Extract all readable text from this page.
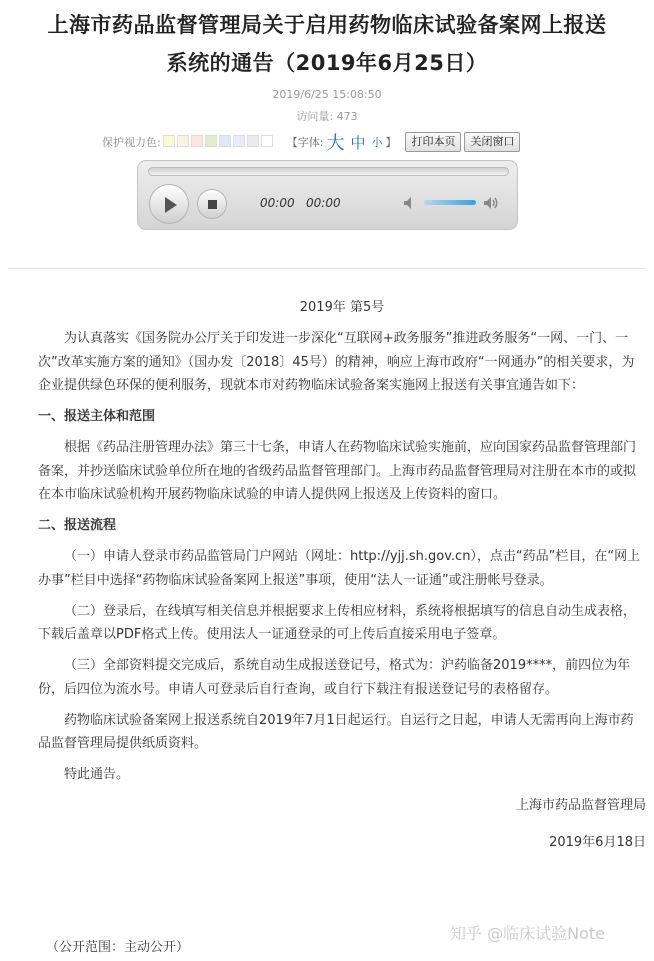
上海市药品监督管理局关于启用药物临床试验备案网上报送
系统的通告（2019年6月25日）
2019/6/25 15:08:50
访问量: 473
保护视力色:	【字体: 大 中 小 】	打印本页	关闭窗口
00:00 00:00

2019年 第5号

为认真落实《国务院办公厅关于印发进一步深化“互联网+政务服务”推进政务服务“一网、一门、一次”改革实施方案的通知》（国办发〔2018〕45号）的精神，响应上海市政府“一网通办”的相关要求，为企业提供绿色环保的便利服务，现就本市对药物临床试验备案实施网上报送有关事宜通告如下：

一、报送主体和范围

根据《药品注册管理办法》第三十七条，申请人在药物临床试验实施前，应向国家药品监督管理部门备案，并抄送临床试验单位所在地的省级药品监督管理部门。上海市药品监督管理局对注册在本市的或拟在本市临床试验机构开展药物临床试验的申请人提供网上报送及上传资料的窗口。

二、报送流程

（一）申请人登录市药品监管局门户网站（网址：http://yjj.sh.gov.cn），点击“药品”栏目，在“网上办事”栏目中选择“药物临床试验备案网上报送”事项，使用“法人一证通”或注册帐号登录。

（二）登录后，在线填写相关信息并根据要求上传相应材料，系统将根据填写的信息自动生成表格，下载后盖章以PDF格式上传。使用法人一证通登录的可上传后直接采用电子签章。

（三）全部资料提交完成后，系统自动生成报送登记号，格式为：沪药临备2019****，前四位为年份，后四位为流水号。申请人可登录后自行查询，或自行下载注有报送登记号的表格留存。

药物临床试验备案网上报送系统自2019年7月1日起运行。自运行之日起，申请人无需再向上海市药品监督管理局提供纸质资料。

特此通告。

上海市药品监督管理局

2019年6月18日

（公开范围：主动公开）
知乎 @临床试验Note
